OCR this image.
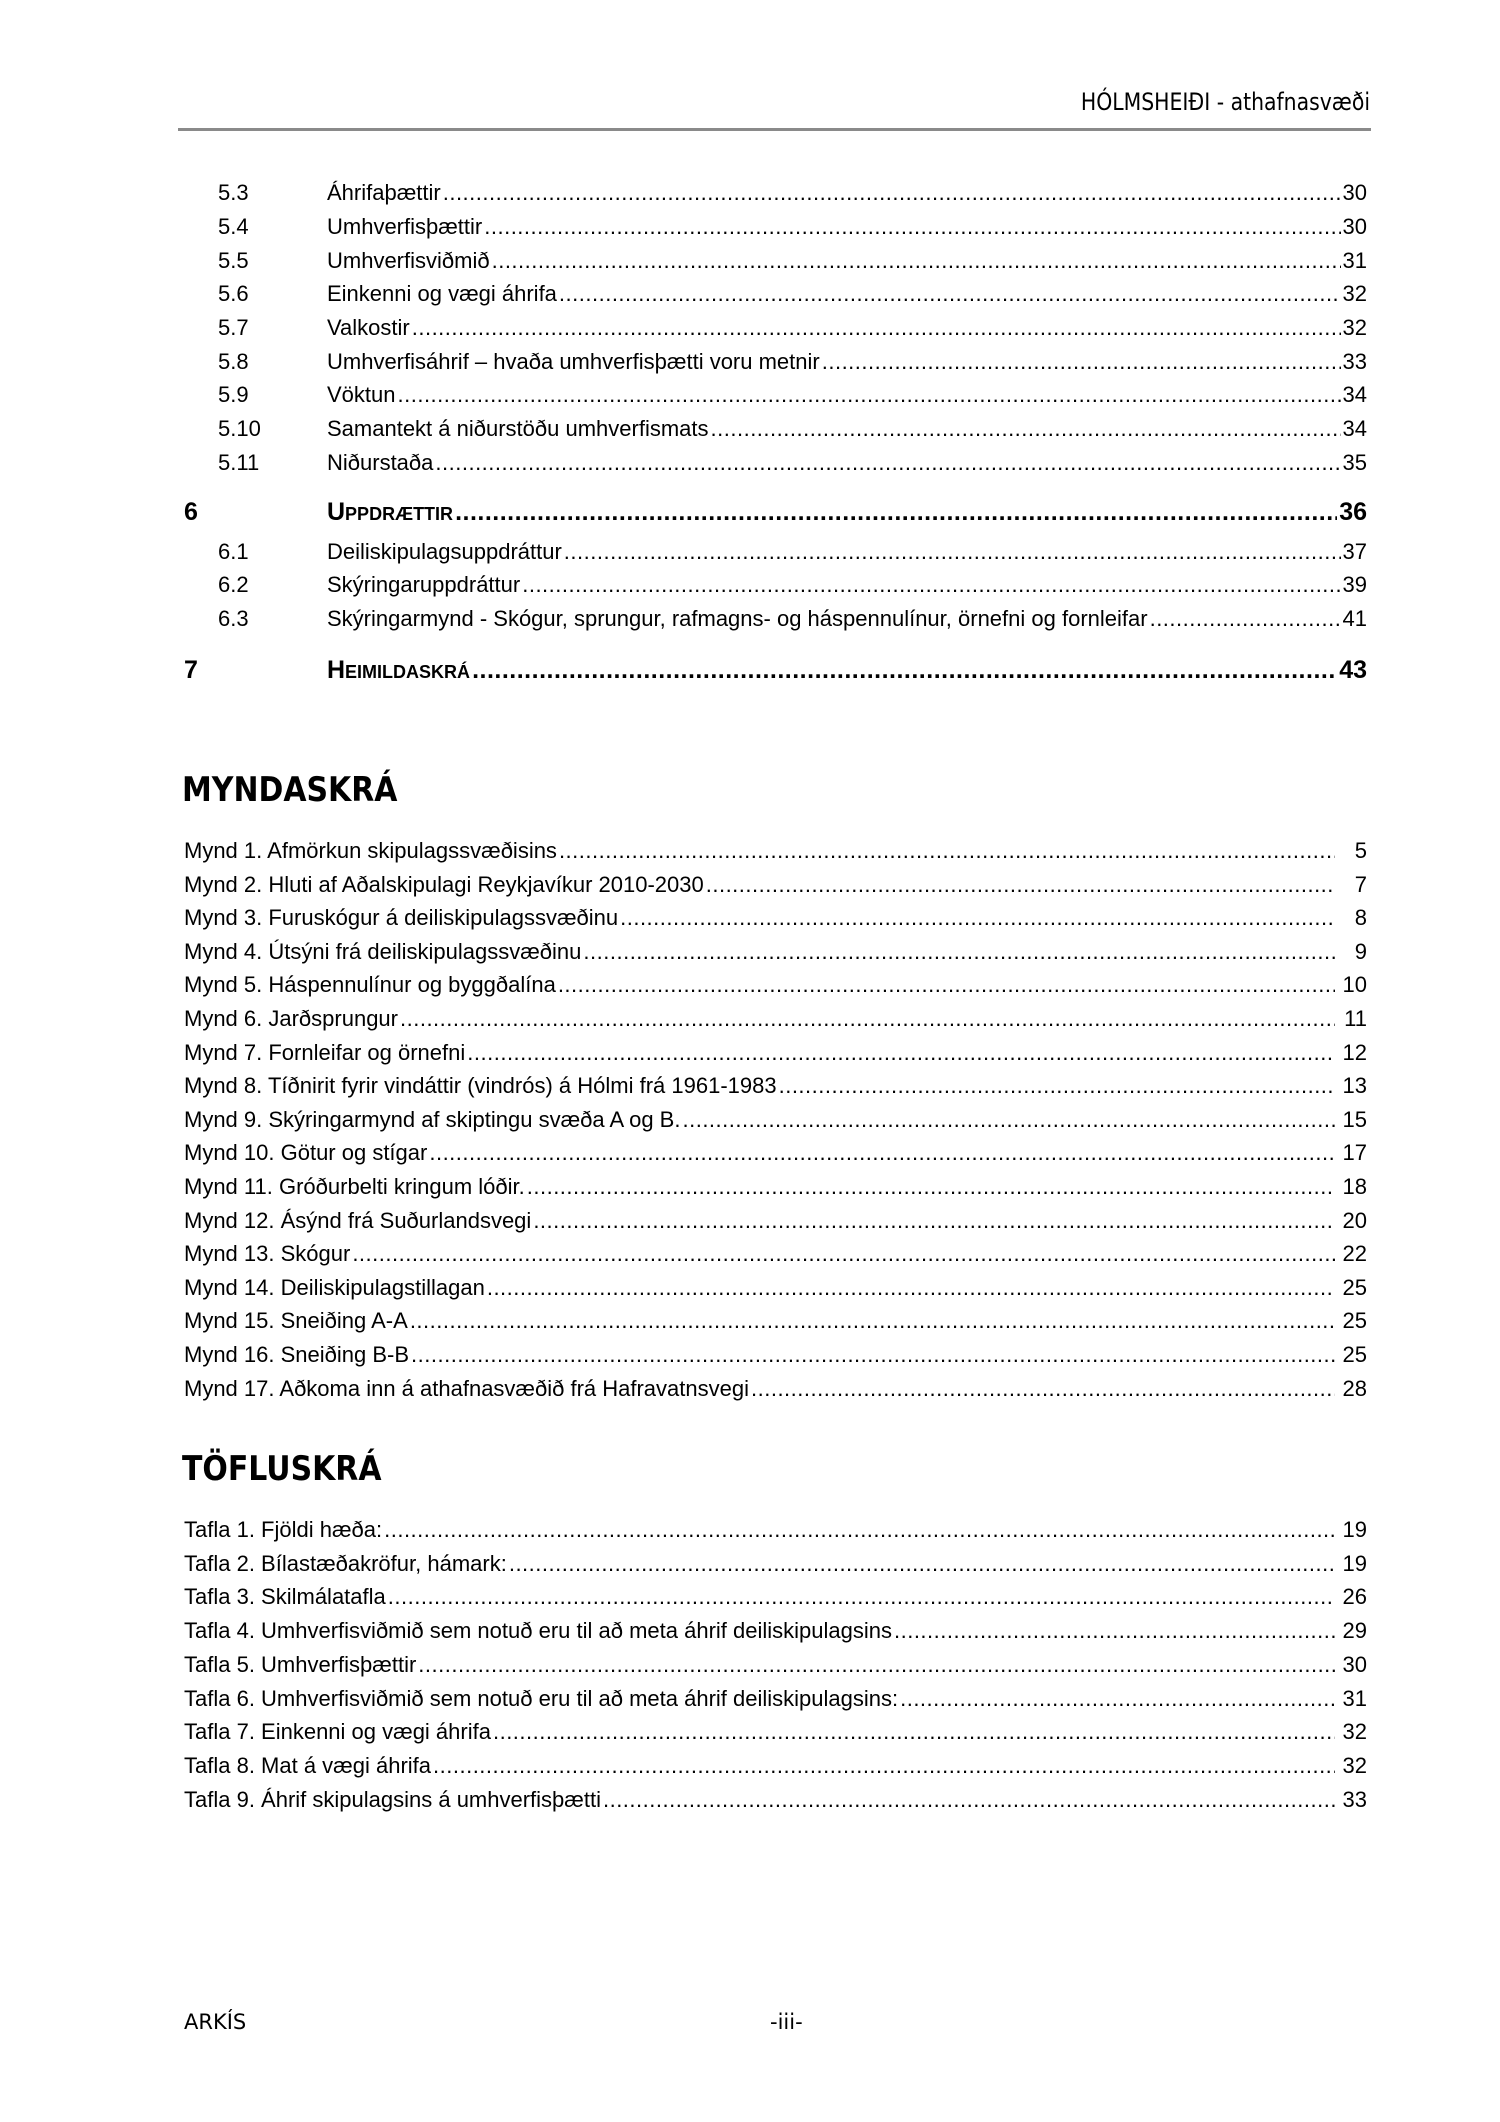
HÓLMSHEIÐI - athafnasvæði
5.3	Áhrifaþættir .....	30
5.4	Umhverfisþættir .....	30
5.5	Umhverfisviðmið .....	31
5.6	Einkenni og vægi áhrifa .....	32
5.7	Valkostir .....	32
5.8	Umhverfisáhrif – hvaða umhverfisþætti voru metnir .....	33
5.9	Vöktun .....	34
5.10	Samantekt á niðurstöðu umhverfismats .....	34
5.11	Niðurstaða .....	35
6	Uppdrættir .....	36
6.1	Deiliskipulagsuppdráttur .....	37
6.2	Skýringaruppdráttur .....	39
6.3	Skýringarmynd - Skógur, sprungur, rafmagns- og háspennulínur, örnefni og fornleifar .....	41
7	Heimildaskrá .....	43
MYNDASKRÁ
Mynd 1. Afmörkun skipulagssvæðisins .....	5
Mynd 2. Hluti af Aðalskipulagi Reykjavíkur 2010-2030 .....	7
Mynd 3. Furuskógur á deiliskipulagssvæðinu .....	8
Mynd 4. Útsýni frá deiliskipulagssvæðinu .....	9
Mynd 5. Háspennulínur og byggðalína .....	10
Mynd 6. Jarðsprungur .....	11
Mynd 7. Fornleifar og örnefni .....	12
Mynd 8. Tíðnirit fyrir vindáttir (vindrós) á Hólmi frá 1961-1983 .....	13
Mynd 9. Skýringarmynd af skiptingu svæða A og B. .....	15
Mynd 10. Götur og stígar .....	17
Mynd 11. Gróðurbelti kringum lóðir. .....	18
Mynd 12. Ásýnd frá Suðurlandsvegi .....	20
Mynd 13. Skógur .....	22
Mynd 14. Deiliskipulagstillagan .....	25
Mynd 15. Sneiðing A-A .....	25
Mynd 16. Sneiðing B-B .....	25
Mynd 17. Aðkoma inn á athafnasvæðið frá Hafravatnsvegi .....	28
TÖFLUSKRÁ
Tafla 1. Fjöldi hæða: .....	19
Tafla 2. Bílastæðakröfur, hámark: .....	19
Tafla 3. Skilmálatafla .....	26
Tafla 4. Umhverfisviðmið sem notuð eru til að meta áhrif deiliskipulagsins .....	29
Tafla 5. Umhverfisþættir .....	30
Tafla 6. Umhverfisviðmið sem notuð eru til að meta áhrif deiliskipulagsins: .....	31
Tafla 7. Einkenni og vægi áhrifa .....	32
Tafla 8. Mat á vægi áhrifa .....	32
Tafla 9. Áhrif skipulagsins á umhverfisþætti .....	33
ARKÍS	-iii-
